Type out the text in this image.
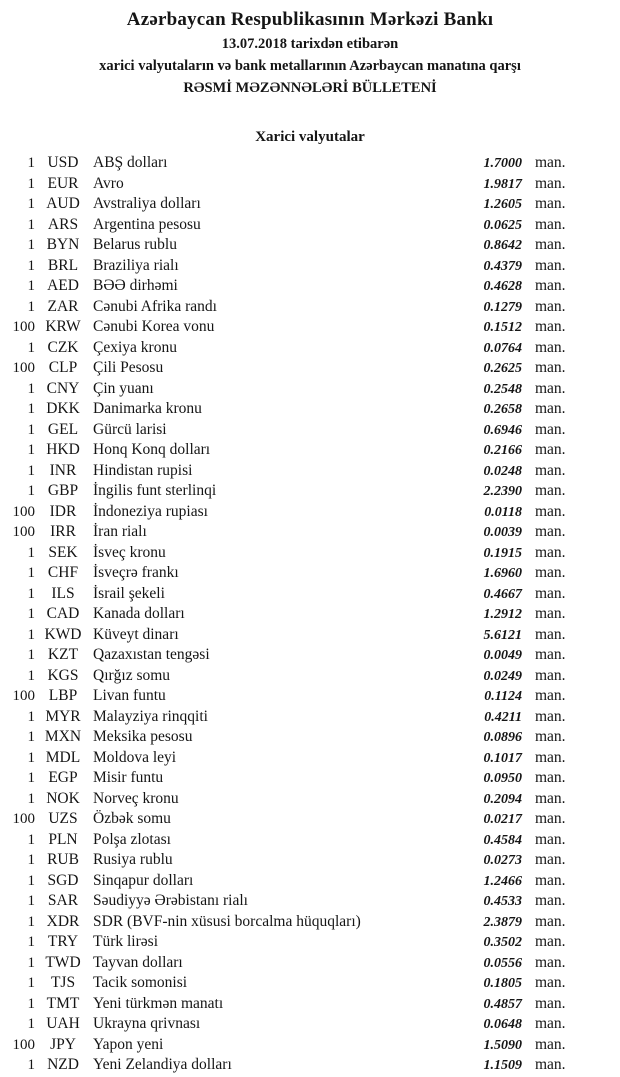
Azərbaycan Respublikasının Mərkəzi Bankı
13.07.2018 tarixdən etibarən
xarici valyutaların və bank metallarının Azərbaycan manatına qarşı
RƏSMİ MƏZƏNNƏLƏRİ BÜLLETENİ
Xarici valyutalar
1 USD ABŞ dolları	1.7000 man.
1 EUR Avro	1.9817 man.
1 AUD Avstraliya dolları	1.2605 man.
1 ARS Argentina pesosu	0.0625 man.
1 BYN Belarus rublu	0.8642 man.
1 BRL Braziliya rialı	0.4379 man.
1 AED BƏƏ dirhəmi	0.4628 man.
1 ZAR Cənubi Afrika randı	0.1279 man.
100 KRW Cənubi Korea vonu	0.1512 man.
1 CZK Çexiya kronu	0.0764 man.
100 CLP	Çili Pesosu	0.2625 man.
1 CNY Çin yuanı	0.2548 man.
1 DKK Danimarka kronu	0.2658 man.
1 GEL Gürcü larisi	0.6946 man.
1 HKD Honq Konq dolları	0.2166 man.
1 INR	Hindistan rupisi	0.0248 man.
1 GBP İngilis funt sterlinqi	2.2390 man.
100 IDR	İndoneziya rupiası	0.0118 man.
100 IRR	İran rialı	0.0039 man.
1 SEK İsveç kronu	0.1915 man.
1 CHF İsveçrə frankı	1.6960 man.
1	ILS	İsrail şekeli	0.4667 man.
1 CAD Kanada dolları	1.2912 man.
1 KWD Küveyt dinarı	5.6121 man.
1 KZT Qazaxıstan tengəsi	0.0049 man.
1 KGS Qırğız somu	0.0249 man.
100 LBP	Livan funtu	0.1124 man.
1 MYR Malayziya rinqqiti	0.4211 man.
1 MXN Meksika pesosu	0.0896 man.
1 MDL Moldova leyi	0.1017 man.
1 EGP Misir funtu	0.0950 man.
1 NOK Norveç kronu	0.2094 man.
100 UZS Özbək somu	0.0217 man.
1 PLN Polşa zlotası	0.4584 man.
1 RUB Rusiya rublu	0.0273 man.
1 SGD Sinqapur dolları	1.2466 man.
1 SAR Səudiyyə Ərəbistanı rialı	0.4533 man.
1 XDR SDR (BVF-nin xüsusi borcalma hüquqları)	2.3879 man.
1 TRY Türk lirəsi	0.3502 man.
1 TWD Tayvan dolları	0.0556 man.
1	TJS	Tacik somonisi	0.1805 man.
1 TMT Yeni türkmən manatı	0.4857 man.
1 UAH Ukrayna qrivnası	0.0648 man.
100 JPY	Yapon yeni	1.5090 man.
1 NZD Yeni Zelandiya dolları	1.1509 man.
